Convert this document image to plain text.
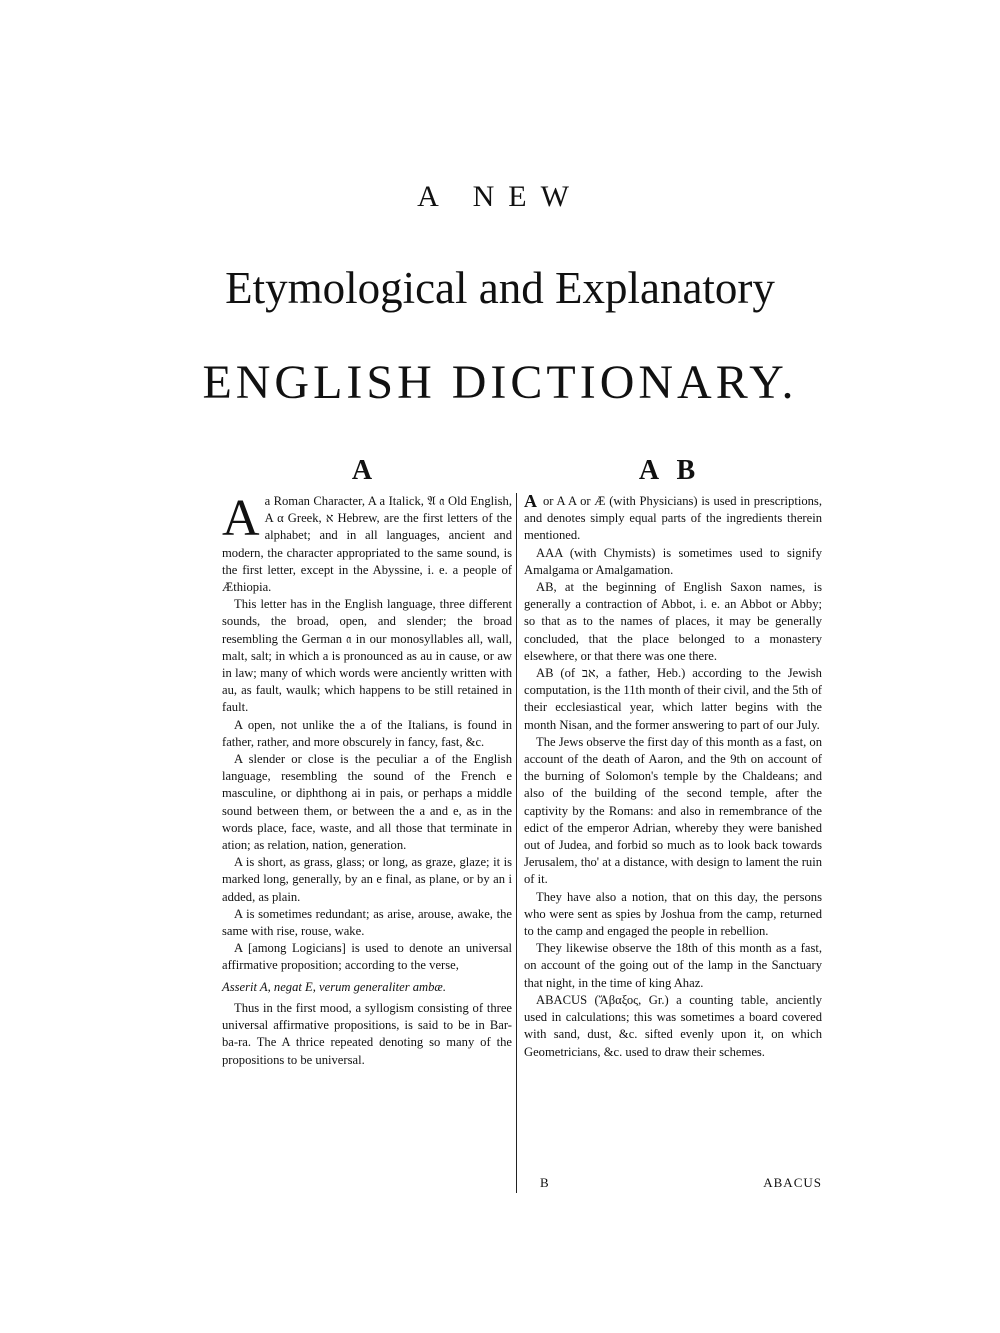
A NEW
Etymological and Explanatory
ENGLISH DICTIONARY.
A	A B
A a Roman Character, A a Italick, 𝔄 𝔞 Old English, Α α Greek, א Hebrew, are the first letters of the alphabet; and in all languages, ancient and modern, the character appropriated to the same sound, is the first letter, except in the Abyssine, i. e. a people of Æthiopia.

This letter has in the English language, three different sounds, the broad, open, and slender; the broad resembling the German 𝔞 in our monosyllables all, wall, malt, salt; in which a is pronounced as au in cause, or aw in law; many of which words were anciently written with au, as fault, waulk; which happens to be still retained in fault.

A open, not unlike the a of the Italians, is found in father, rather, and more obscurely in fancy, fast, &c.

A slender or close is the peculiar a of the English language, resembling the sound of the French e masculine, or diphthong ai in pais, or perhaps a middle sound between them, or between the a and e, as in the words place, face, waste, and all those that terminate in ation; as relation, nation, generation.

A is short, as grass, glass; or long, as graze, glaze; it is marked long, generally, by an e final, as plane, or by an i added, as plain.

A is sometimes redundant; as arise, arouse, awake, the same with rise, rouse, wake.

A [among Logicians] is used to denote an universal affirmative proposition; according to the verse,

Asserit A, negat E, verum generaliter ambæ.

Thus in the first mood, a syllogism consisting of three universal affirmative propositions, is said to be in Bar-ba-ra. The A thrice repeated denoting so many of the propositions to be universal.

A or A A or Æ (with Physicians) is used in prescriptions, and denotes simply equal parts of the ingredients therein mentioned.

AAA (with Chymists) is sometimes used to signify Amalgama or Amalgamation.

AB, at the beginning of English Saxon names, is generally a contraction of Abbot, i. e. an Abbot or Abby; so that as to the names of places, it may be generally concluded, that the place belonged to a monastery elsewhere, or that there was one there.

AB (of אב, a father, Heb.) according to the Jewish computation, is the 11th month of their civil, and the 5th of their ecclesiastical year, which latter begins with the month Nisan, and the former answering to part of our July.

The Jews observe the first day of this month as a fast, on account of the death of Aaron, and the 9th on account of the burning of Solomon's temple by the Chaldeans; and also of the building of the second temple, after the captivity by the Romans: and also in remembrance of the edict of the emperor Adrian, whereby they were banished out of Judea, and forbid so much as to look back towards Jerusalem, tho' at a distance, with design to lament the ruin of it.

They have also a notion, that on this day, the persons who were sent as spies by Joshua from the camp, returned to the camp and engaged the people in rebellion.

They likewise observe the 18th of this month as a fast, on account of the going out of the lamp in the Sanctuary that night, in the time of king Ahaz.

ABACUS (Ἄβαξος, Gr.) a counting table, anciently used in calculations; this was sometimes a board covered with sand, dust, &c. sifted evenly upon it, on which Geometricians, &c. used to draw their schemes.

B	ABACUS
